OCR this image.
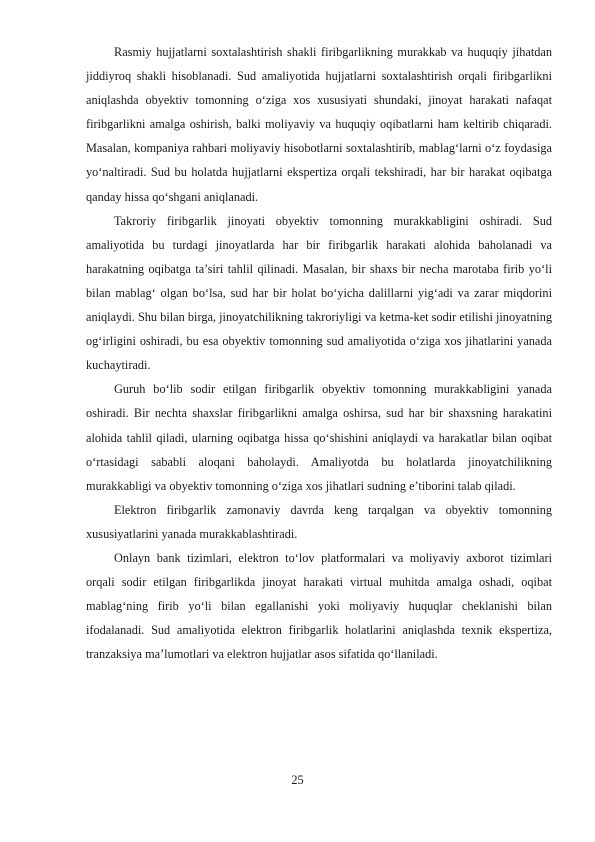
Rasmiy hujjatlarni soxtalashtirish shakli firibgarlikning murakkab va huquqiy jihatdan jiddiyroq shakli hisoblanadi. Sud amaliyotida hujjatlarni soxtalashtirish orqali firibgarlikni aniqlashda obyektiv tomonning o‘ziga xos xususiyati shundaki, jinoyat harakati nafaqat firibgarlikni amalga oshirish, balki moliyaviy va huquqiy oqibatlarni ham keltirib chiqaradi. Masalan, kompaniya rahbari moliyaviy hisobotlarni soxtalashtirib, mablag‘larni o‘z foydasiga yo‘naltiradi. Sud bu holatda hujjatlarni ekspertiza orqali tekshiradi, har bir harakat oqibatga qanday hissa qo‘shgani aniqlanadi.

Takroriy firibgarlik jinoyati obyektiv tomonning murakkabligini oshiradi. Sud amaliyotida bu turdagi jinoyatlarda har bir firibgarlik harakati alohida baholanadi va harakatning oqibatga ta’siri tahlil qilinadi. Masalan, bir shaxs bir necha marotaba firib yo‘li bilan mablag‘ olgan bo‘lsa, sud har bir holat bo‘yicha dalillarni yig‘adi va zarar miqdorini aniqlaydi. Shu bilan birga, jinoyatchilikning takroriyligi va ketma-ket sodir etilishi jinoyatning og‘irligini oshiradi, bu esa obyektiv tomonning sud amaliyotida o‘ziga xos jihatlarini yanada kuchaytiradi.

Guruh bo‘lib sodir etilgan firibgarlik obyektiv tomonning murakkabligini yanada oshiradi. Bir nechta shaxslar firibgarlikni amalga oshirsa, sud har bir shaxsning harakatini alohida tahlil qiladi, ularning oqibatga hissa qo‘shishini aniqlaydi va harakatlar bilan oqibat o‘rtasidagi sababli aloqani baholaydi. Amaliyotda bu holatlarda jinoyatchilikning murakkabligi va obyektiv tomonning o‘ziga xos jihatlari sudning e’tiborini talab qiladi.

Elektron firibgarlik zamonaviy davrda keng tarqalgan va obyektiv tomonning xususiyatlarini yanada murakkablashtiradi.

Onlayn bank tizimlari, elektron to‘lov platformalari va moliyaviy axborot tizimlari orqali sodir etilgan firibgarlikda jinoyat harakati virtual muhitda amalga oshadi, oqibat mablag‘ning firib yo‘li bilan egallanishi yoki moliyaviy huquqlar cheklanishi bilan ifodalanadi. Sud amaliyotida elektron firibgarlik holatlarini aniqlashda texnik ekspertiza, tranzaksiya ma’lumotlari va elektron hujjatlar asos sifatida qo‘llaniladi.

25
